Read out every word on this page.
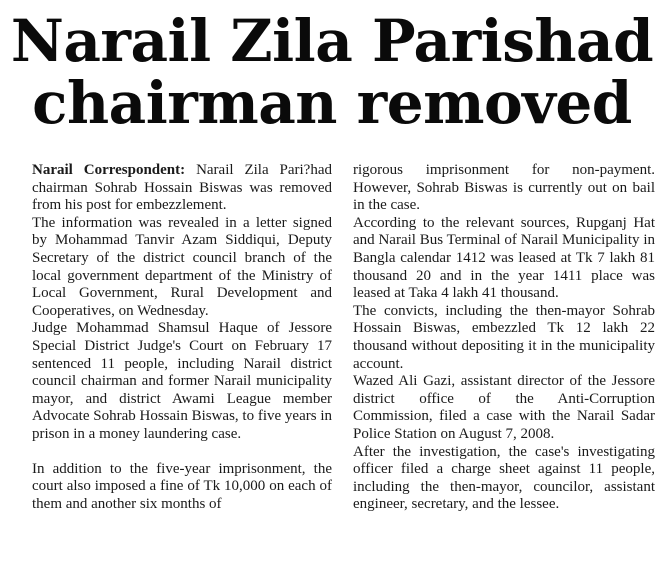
Narail Zila Parishad
chairman removed

Narail Correspondent: Narail Zila Pari?had chairman Sohrab Hossain Biswas was removed from his post for embezzlement.

The information was revealed in a letter signed by Mohammad Tanvir Azam Siddiqui, Deputy Secretary of the district council branch of the local government department of the Ministry of Local Government, Rural Development and Cooperatives, on Wednesday.

Judge Mohammad Shamsul Haque of Jessore Special District Judge's Court on February 17 sentenced 11 people, including Narail district council chairman and former Narail municipality mayor, and district Awami League member Advocate Sohrab Hossain Biswas, to five years in prison in a money laundering case.

In addition to the five-year imprisonment, the court also imposed a fine of Tk 10,000 on each of them and another six months of

rigorous imprisonment for non-payment. However, Sohrab Biswas is currently out on bail in the case.

According to the relevant sources, Rupganj Hat and Narail Bus Terminal of Narail Municipality in Bangla calendar 1412 was leased at Tk 7 lakh 81 thousand 20 and in the year 1411 place was leased at Taka 4 lakh 41 thousand.

The convicts, including the then-mayor Sohrab Hossain Biswas, embezzled Tk 12 lakh 22 thousand without depositing it in the municipality account.

Wazed Ali Gazi, assistant director of the Jessore district office of the Anti-Corruption Commission, filed a case with the Narail Sadar Police Station on August 7, 2008.

After the investigation, the case's investigating officer filed a charge sheet against 11 people, including the then-mayor, councilor, assistant engineer, secretary, and the lessee.
